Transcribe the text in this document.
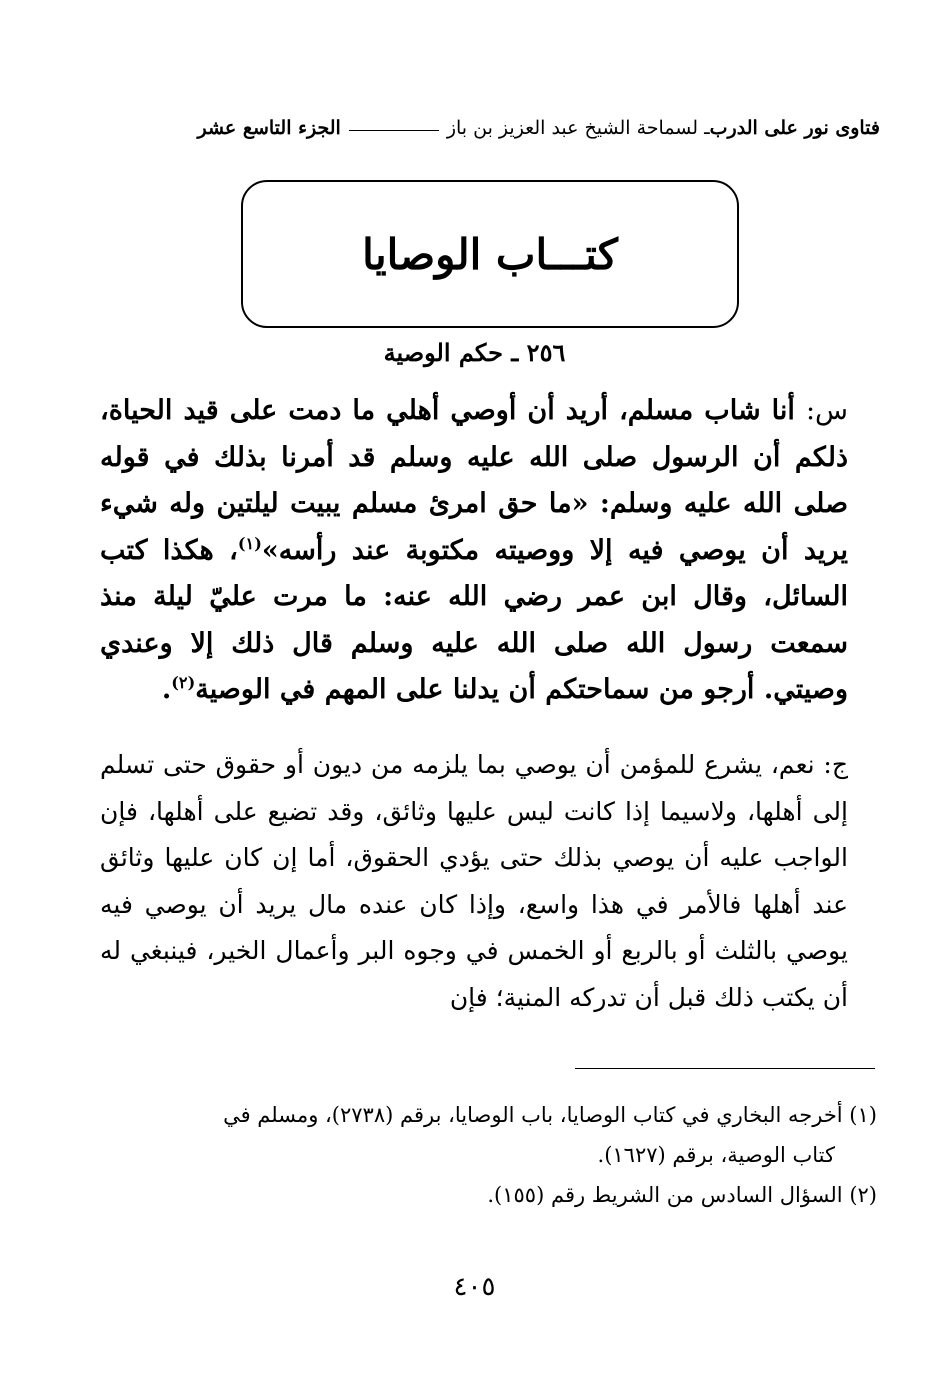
فتاوى نور على الدرب
ـ لسماحة الشيخ عبد العزيز بن باز
الجزء التاسع عشر
كتـــاب الوصايا
٢٥٦ ـ حكم الوصية
س: أنا شاب مسلم، أريد أن أوصي أهلي ما دمت على قيد الحياة، ذلكم أن الرسول صلى الله عليه وسلم قد أمرنا بذلك في قوله صلى الله عليه وسلم: «ما حق امرئ مسلم يبيت ليلتين وله شيء يريد أن يوصي فيه إلا ووصيته مكتوبة عند رأسه»$^{(١)}$، هكذا كتب السائل، وقال ابن عمر رضي الله عنه: ما مرت عليّ ليلة منذ سمعت رسول الله صلى الله عليه وسلم قال ذلك إلا وعندي وصيتي. أرجو من سماحتكم أن يدلنا على المهم في الوصية$^{(٢)}$.
ج: نعم، يشرع للمؤمن أن يوصي بما يلزمه من ديون أو حقوق حتى تسلم إلى أهلها، ولاسيما إذا كانت ليس عليها وثائق، وقد تضيع على أهلها، فإن الواجب عليه أن يوصي بذلك حتى يؤدي الحقوق، أما إن كان عليها وثائق عند أهلها فالأمر في هذا واسع، وإذا كان عنده مال يريد أن يوصي فيه يوصي بالثلث أو بالربع أو الخمس في وجوه البر وأعمال الخير، فينبغي له أن يكتب ذلك قبل أن تدركه المنية؛ فإن

(١) أخرجه البخاري في كتاب الوصايا، باب الوصايا، برقم (٢٧٣٨)، ومسلم في

كتاب الوصية، برقم (١٦٢٧).

(٢) السؤال السادس من الشريط رقم (١٥٥).

٤٠٥
